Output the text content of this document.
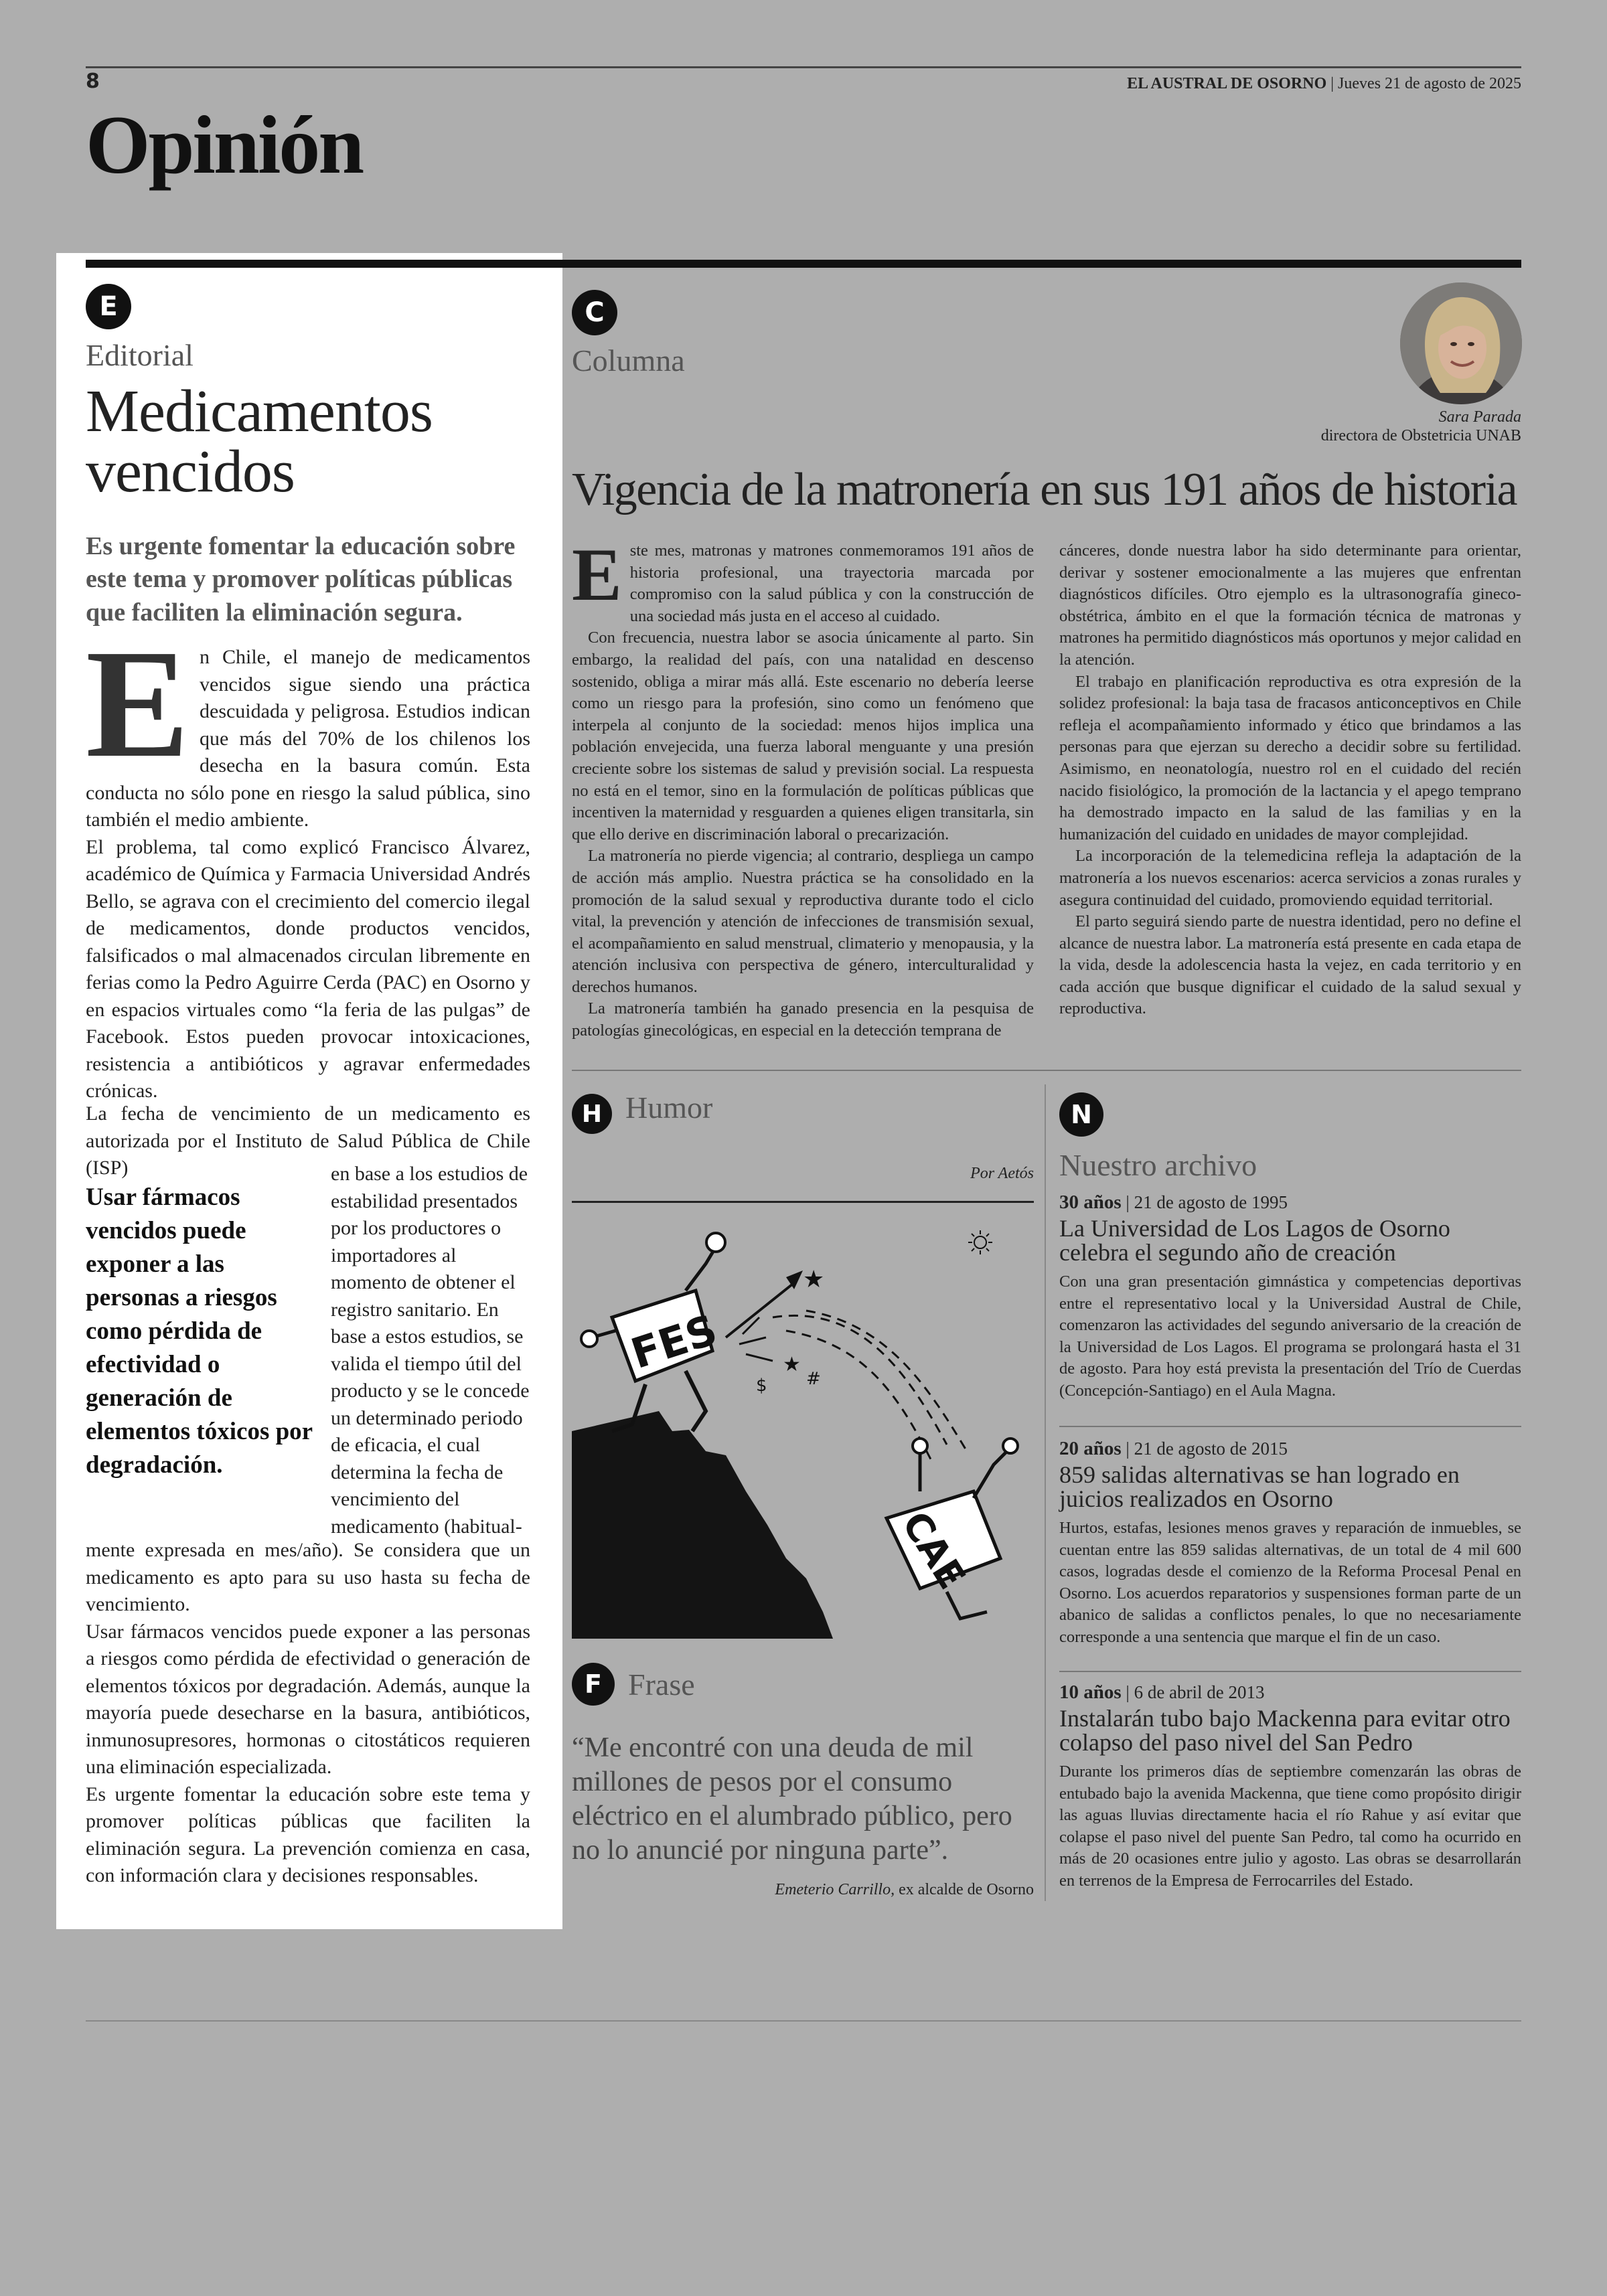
8	EL AUSTRAL DE OSORNO | Jueves 21 de agosto de 2025
Opinión
E
Editorial
Medicamentos vencidos
Es urgente fomentar la educación sobre este tema y promover políticas públicas que faciliten la eliminación segura.
n Chile, el manejo de medicamentos vencidos sigue siendo una práctica descuidada y peligrosa. Estudios indican que más del 70% de los chilenos los desecha en la basura común. Esta conducta no sólo pone en riesgo la salud pública, sino también el medio ambiente.
El problema, tal como explicó Francisco Álvarez, académico de Química y Farmacia Universidad Andrés Bello, se agrava con el crecimiento del comercio ilegal de medicamentos, donde productos vencidos, falsificados o mal almacenados circulan libremente en ferias como la Pedro Aguirre Cerda (PAC) en Osorno y en espacios virtuales como “la feria de las pulgas” de Facebook. Estos pueden provocar intoxicaciones, resistencia a antibióticos y agravar enfermedades crónicas.
E
La fecha de vencimiento de un medicamento es autorizada por el Instituto de Salud Pública de Chile (ISP)
Usar fármacos vencidos puede exponer a las personas a riesgos como pérdida de efectividad o generación de elementos tóxicos por degradación.
en base a los estudios de estabilidad presentados por los productores o importadores al momento de obtener el registro sanitario. En base a estos estudios, se valida el tiempo útil del producto y se le concede un determinado periodo de eficacia, el cual determina la fecha de vencimiento del medicamento (habitual-
mente expresada en mes/año). Se considera que un medicamento es apto para su uso hasta su fecha de vencimiento.
Usar fármacos vencidos puede exponer a las personas a riesgos como pérdida de efectividad o generación de elementos tóxicos por degradación. Además, aunque la mayoría puede desecharse en la basura, antibióticos, inmunosupresores, hormonas o citostáticos requieren una eliminación especializada.
Es urgente fomentar la educación sobre este tema y promover políticas públicas que faciliten la eliminación segura. La prevención comienza en casa, con información clara y decisiones responsables.
C
Columna
Sara Parada
directora de Obstetricia UNAB
Vigencia de la matronería en sus 191 años de historia

Este mes, matronas y matrones conmemoramos 191 años de historia profesional, una trayectoria marcada por compromiso con la salud pública y con la construcción de una sociedad más justa en el acceso al cuidado.

Con frecuencia, nuestra labor se asocia únicamente al parto. Sin embargo, la realidad del país, con una natalidad en descenso sostenido, obliga a mirar más allá. Este escenario no debería leerse como un riesgo para la profesión, sino como un fenómeno que interpela al conjunto de la sociedad: menos hijos implica una población envejecida, una fuerza laboral menguante y una presión creciente sobre los sistemas de salud y previsión social. La respuesta no está en el temor, sino en la formulación de políticas públicas que incentiven la maternidad y resguarden a quienes eligen transitarla, sin que ello derive en discriminación laboral o precarización.

La matronería no pierde vigencia; al contrario, despliega un campo de acción más amplio. Nuestra práctica se ha consolidado en la promoción de la salud sexual y reproductiva durante todo el ciclo vital, la prevención y atención de infecciones de transmisión sexual, el acompañamiento en salud menstrual, climaterio y menopausia, y la atención inclusiva con perspectiva de género, interculturalidad y derechos humanos.

La matronería también ha ganado presencia en la pesquisa de patologías ginecológicas, en especial en la detección temprana de

cánceres, donde nuestra labor ha sido determinante para orientar, derivar y sostener emocionalmente a las mujeres que enfrentan diagnósticos difíciles. Otro ejemplo es la ultrasonografía gineco-obstétrica, ámbito en el que la formación técnica de matronas y matrones ha permitido diagnósticos más oportunos y mejor calidad en la atención.

El trabajo en planificación reproductiva es otra expresión de la solidez profesional: la baja tasa de fracasos anticonceptivos en Chile refleja el acompañamiento informado y ético que brindamos a las personas para que ejerzan su derecho a decidir sobre su fertilidad. Asimismo, en neonatología, nuestro rol en el cuidado del recién nacido fisiológico, la promoción de la lactancia y el apego temprano ha demostrado impacto en la salud de las familias y en la humanización del cuidado en unidades de mayor complejidad.

La incorporación de la telemedicina refleja la adaptación de la matronería a los nuevos escenarios: acerca servicios a zonas rurales y asegura continuidad del cuidado, promoviendo equidad territorial.

El parto seguirá siendo parte de nuestra identidad, pero no define el alcance de nuestra labor. La matronería está presente en cada etapa de la vida, desde la adolescencia hasta la vejez, en cada territorio y en cada acción que busque dignificar el cuidado de la salud sexual y reproductiva.

H Humor
Por Aetós
FES
★
★
$ #
CAE
F Frase
“Me encontré con una deuda de mil millones de pesos por el consumo eléctrico en el alumbrado público, pero no lo anuncié por ninguna parte”.
Emeterio Carrillo, ex alcalde de Osorno
N
Nuestro archivo
30 años | 21 de agosto de 1995
La Universidad de Los Lagos de Osorno celebra el segundo año de creación
Con una gran presentación gimnástica y competencias deportivas entre el representativo local y la Universidad Austral de Chile, comenzaron las actividades del segundo aniversario de la creación de la Universidad de Los Lagos. El programa se prolongará hasta el 31 de agosto. Para hoy está prevista la presentación del Trío de Cuerdas (Concepción-Santiago) en el Aula Magna.
20 años | 21 de agosto de 2015
859 salidas alternativas se han logrado en juicios realizados en Osorno
Hurtos, estafas, lesiones menos graves y reparación de inmuebles, se cuentan entre las 859 salidas alternativas, de un total de 4 mil 600 casos, logradas desde el comienzo de la Reforma Procesal Penal en Osorno. Los acuerdos reparatorios y suspensiones forman parte de un abanico de salidas a conflictos penales, lo que no necesariamente corresponde a una sentencia que marque el fin de un caso.
10 años | 6 de abril de 2013
Instalarán tubo bajo Mackenna para evitar otro colapso del paso nivel del San Pedro
Durante los primeros días de septiembre comenzarán las obras de entubado bajo la avenida Mackenna, que tiene como propósito dirigir las aguas lluvias directamente hacia el río Rahue y así evitar que colapse el paso nivel del puente San Pedro, tal como ha ocurrido en más de 20 ocasiones entre julio y agosto. Las obras se desarrollarán en terrenos de la Empresa de Ferrocarriles del Estado.
